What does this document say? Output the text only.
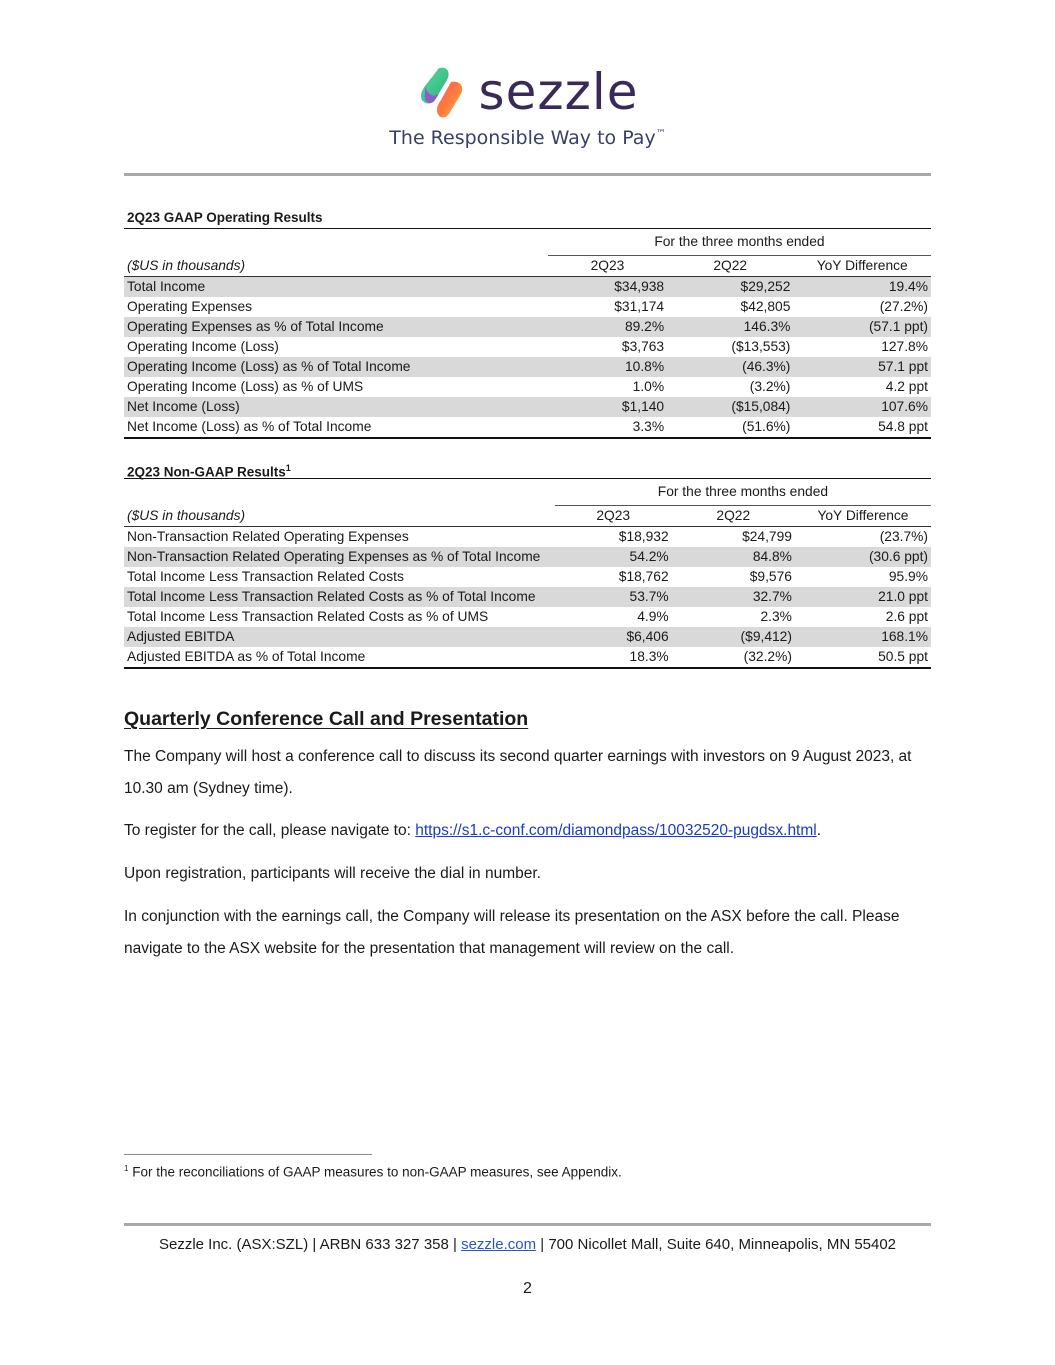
sezzle
The Responsible Way to Pay™
2Q23 GAAP Operating Results
	For the three months ended		
($US in thousands)	2Q23	2Q22	YoY Difference
Total Income	$34,938	$29,252	19.4%
Operating Expenses	$31,174	$42,805	(27.2%)
Operating Expenses as % of Total Income	89.2%	146.3%	(57.1 ppt)
Operating Income (Loss)	$3,763	($13,553)	127.8%
Operating Income (Loss) as % of Total Income	10.8%	(46.3%)	57.1 ppt
Operating Income (Loss) as % of UMS	1.0%	(3.2%)	4.2 ppt
Net Income (Loss)	$1,140	($15,084)	107.6%
Net Income (Loss) as % of Total Income	3.3%	(51.6%)	54.8 ppt
2Q23 Non-GAAP Results$^1$
	For the three months ended		
($US in thousands)	2Q23	2Q22	YoY Difference
Non-Transaction Related Operating Expenses	$18,932	$24,799	(23.7%)
Non-Transaction Related Operating Expenses as % of Total Income	54.2%	84.8%	(30.6 ppt)
Total Income Less Transaction Related Costs	$18,762	$9,576	95.9%
Total Income Less Transaction Related Costs as % of Total Income	53.7%	32.7%	21.0 ppt
Total Income Less Transaction Related Costs as % of UMS	4.9%	2.3%	2.6 ppt
Adjusted EBITDA	$6,406	($9,412)	168.1%
Adjusted EBITDA as % of Total Income	18.3%	(32.2%)	50.5 ppt
Quarterly Conference Call and Presentation
The Company will host a conference call to discuss its second quarter earnings with investors on 9 August 2023, at 10.30 am (Sydney time).
To register for the call, please navigate to: https://s1.c-conf.com/diamondpass/10032520-pugdsx.html.
Upon registration, participants will receive the dial in number.
In conjunction with the earnings call, the Company will release its presentation on the ASX before the call. Please navigate to the ASX website for the presentation that management will review on the call.
$^1$ For the reconciliations of GAAP measures to non-GAAP measures, see Appendix.
Sezzle Inc. (ASX:SZL) | ARBN 633 327 358 | sezzle.com | 700 Nicollet Mall, Suite 640, Minneapolis, MN 55402
2
